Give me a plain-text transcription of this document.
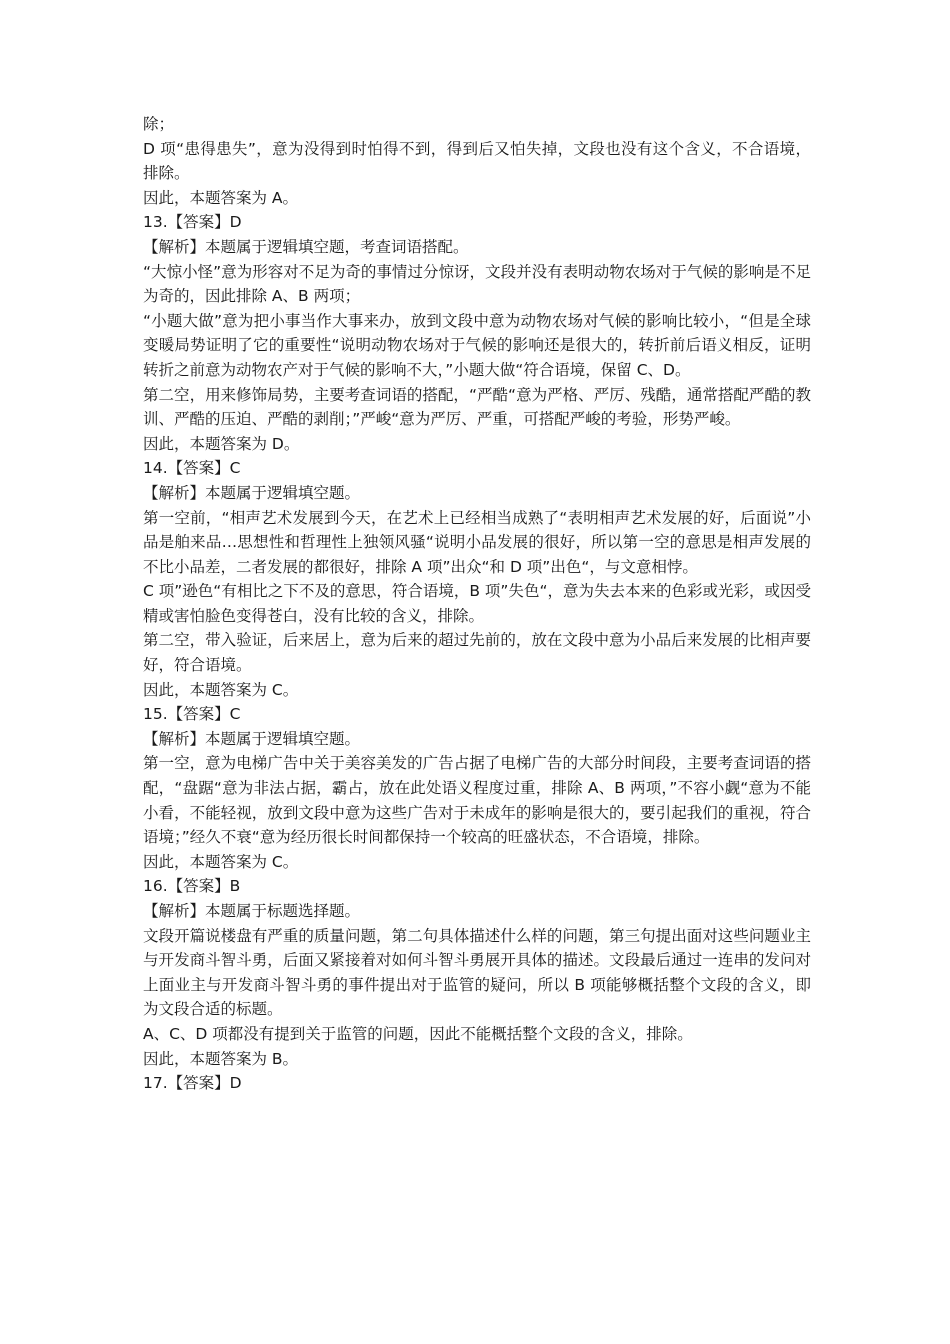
除；

D 项“患得患失”，意为没得到时怕得不到，得到后又怕失掉，文段也没有这个含义，不合语境，排除。

因此，本题答案为 A。

13.【答案】D

【解析】本题属于逻辑填空题，考查词语搭配。

“大惊小怪”意为形容对不足为奇的事情过分惊讶，文段并没有表明动物农场对于气候的影响是不足为奇的，因此排除 A、B 两项；

“小题大做”意为把小事当作大事来办，放到文段中意为动物农场对气候的影响比较小，“但是全球变暖局势证明了它的重要性“说明动物农场对于气候的影响还是很大的，转折前后语义相反，证明转折之前意为动物农产对于气候的影响不大，”小题大做“符合语境，保留 C、D。

第二空，用来修饰局势，主要考查词语的搭配，“严酷“意为严格、严厉、残酷，通常搭配严酷的教训、严酷的压迫、严酷的剥削；”严峻“意为严厉、严重，可搭配严峻的考验，形势严峻。

因此，本题答案为 D。

14.【答案】C

【解析】本题属于逻辑填空题。

第一空前，“相声艺术发展到今天，在艺术上已经相当成熟了“表明相声艺术发展的好，后面说”小品是舶来品…思想性和哲理性上独领风骚“说明小品发展的很好，所以第一空的意思是相声发展的不比小品差，二者发展的都很好，排除 A 项”出众“和 D 项”出色“，与文意相悖。

C 项”逊色“有相比之下不及的意思，符合语境，B 项”失色“，意为失去本来的色彩或光彩，或因受精或害怕脸色变得苍白，没有比较的含义，排除。

第二空，带入验证，后来居上，意为后来的超过先前的，放在文段中意为小品后来发展的比相声要好，符合语境。

因此，本题答案为 C。

15.【答案】C

【解析】本题属于逻辑填空题。

第一空，意为电梯广告中关于美容美发的广告占据了电梯广告的大部分时间段，主要考查词语的搭配，“盘踞“意为非法占据，霸占，放在此处语义程度过重，排除 A、B 两项，”不容小觑“意为不能小看，不能轻视，放到文段中意为这些广告对于未成年的影响是很大的，要引起我们的重视，符合语境；”经久不衰“意为经历很长时间都保持一个较高的旺盛状态，不合语境，排除。

因此，本题答案为 C。

16.【答案】B

【解析】本题属于标题选择题。

文段开篇说楼盘有严重的质量问题，第二句具体描述什么样的问题，第三句提出面对这些问题业主与开发商斗智斗勇，后面又紧接着对如何斗智斗勇展开具体的描述。文段最后通过一连串的发问对上面业主与开发商斗智斗勇的事件提出对于监管的疑问，所以 B 项能够概括整个文段的含义，即为文段合适的标题。

A、C、D 项都没有提到关于监管的问题，因此不能概括整个文段的含义，排除。

因此，本题答案为 B。

17.【答案】D
